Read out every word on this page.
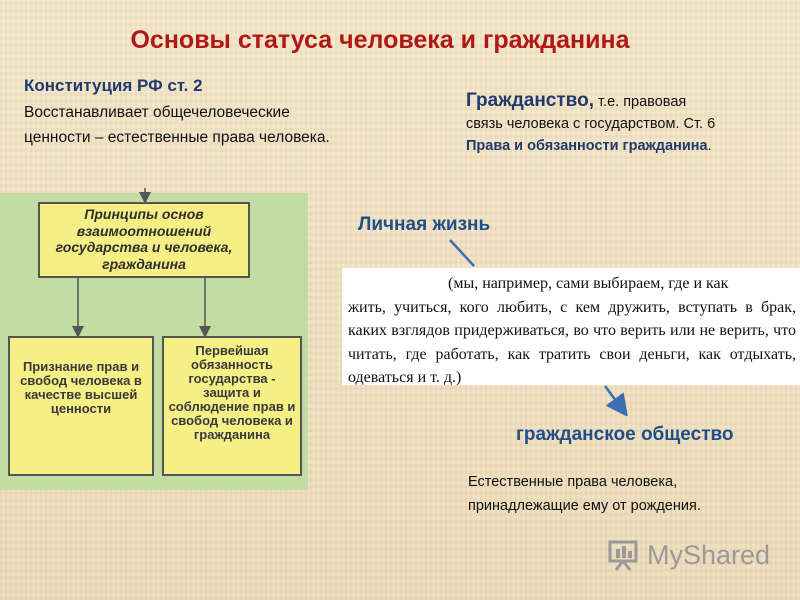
Основы статуса человека и гражданина
Конституция РФ ст. 2
Восстанавливает общечеловеческие ценности – естественные права человека.
Гражданство, т.е. правовая
связь человека с государством. Ст. 6
Права и обязанности гражданина.
Принципы основ взаимоотношений государства и человека, гражданина
Признание прав и свобод человека в качестве высшей ценности
Первейшая обязанность государства - защита и соблюдение прав и свобод человека и гражданина
Личная жизнь
(мы, например, сами выбираем, где и как
жить, учиться, кого любить, с кем дружить, вступать в брак, каких взглядов придерживаться, во что верить или не верить, что читать, где работать, как тратить свои деньги, как отдыхать, одеваться и т. д.)
гражданское общество
Естественные права человека, принадлежащие ему от рождения.
MyShared
